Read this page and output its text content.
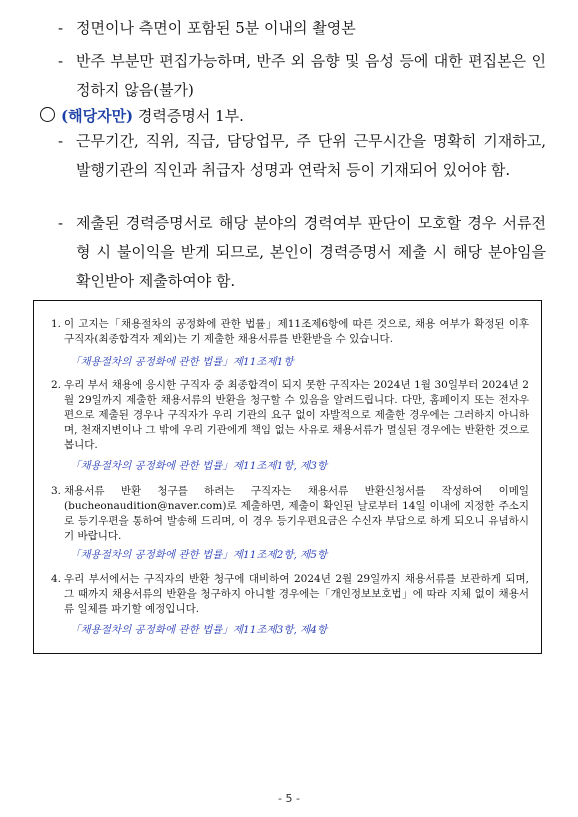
- 정면이나 측면이 포함된 5분 이내의 촬영본
- 반주 부분만 편집가능하며, 반주 외 음향 및 음성 등에 대한 편집본은 인정하지 않음(불가)
(해당자만) 경력증명서 1부.
- 근무기간, 직위, 직급, 담당업무, 주 단위 근무시간을 명확히 기재하고, 발행기관의 직인과 취급자 성명과 연락처 등이 기재되어 있어야 함.
- 제출된 경력증명서로 해당 분야의 경력여부 판단이 모호할 경우 서류전형 시 불이익을 받게 되므로, 본인이 경력증명서 제출 시 해당 분야임을 확인받아 제출하여야 함.
1. 이 고지는「채용절차의 공정화에 관한 법률」제11조제6항에 따른 것으로, 채용 여부가 확정된 이후 구직자(최종합격자 제외)는 기 제출한 채용서류를 반환받을 수 있습니다.
「채용절차의 공정화에 관한 법률」제11조제1항
2. 우리 부서 채용에 응시한 구직자 중 최종합격이 되지 못한 구직자는 2024년 1월 30일부터 2024년 2월 29일까지 제출한 채용서류의 반환을 청구할 수 있음을 알려드립니다. 다만, 홈페이지 또는 전자우편으로 제출된 경우나 구직자가 우리 기관의 요구 없이 자발적으로 제출한 경우에는 그러하지 아니하며, 천재지변이나 그 밖에 우리 기관에게 책임 없는 사유로 채용서류가 멸실된 경우에는 반환한 것으로 봅니다.
「채용절차의 공정화에 관한 법률」제11조제1항, 제3항
3. 채용서류 반환 청구를 하려는 구직자는 채용서류 반환신청서를 작성하여 이메일(bucheonaudition@naver.com)로 제출하면, 제출이 확인된 날로부터 14일 이내에 지정한 주소지로 등기우편을 통하여 발송해 드리며, 이 경우 등기우편요금은 수신자 부담으로 하게 되오니 유념하시기 바랍니다.
「채용절차의 공정화에 관한 법률」제11조제2항, 제5항
4. 우리 부서에서는 구직자의 반환 청구에 대비하여 2024년 2월 29일까지 채용서류를 보관하게 되며, 그 때까지 채용서류의 반환을 청구하지 아니할 경우에는「개인정보보호법」에 따라 지체 없이 채용서류 일체를 파기할 예정입니다.
「채용절차의 공정화에 관한 법률」제11조제3항, 제4항
- 5 -
